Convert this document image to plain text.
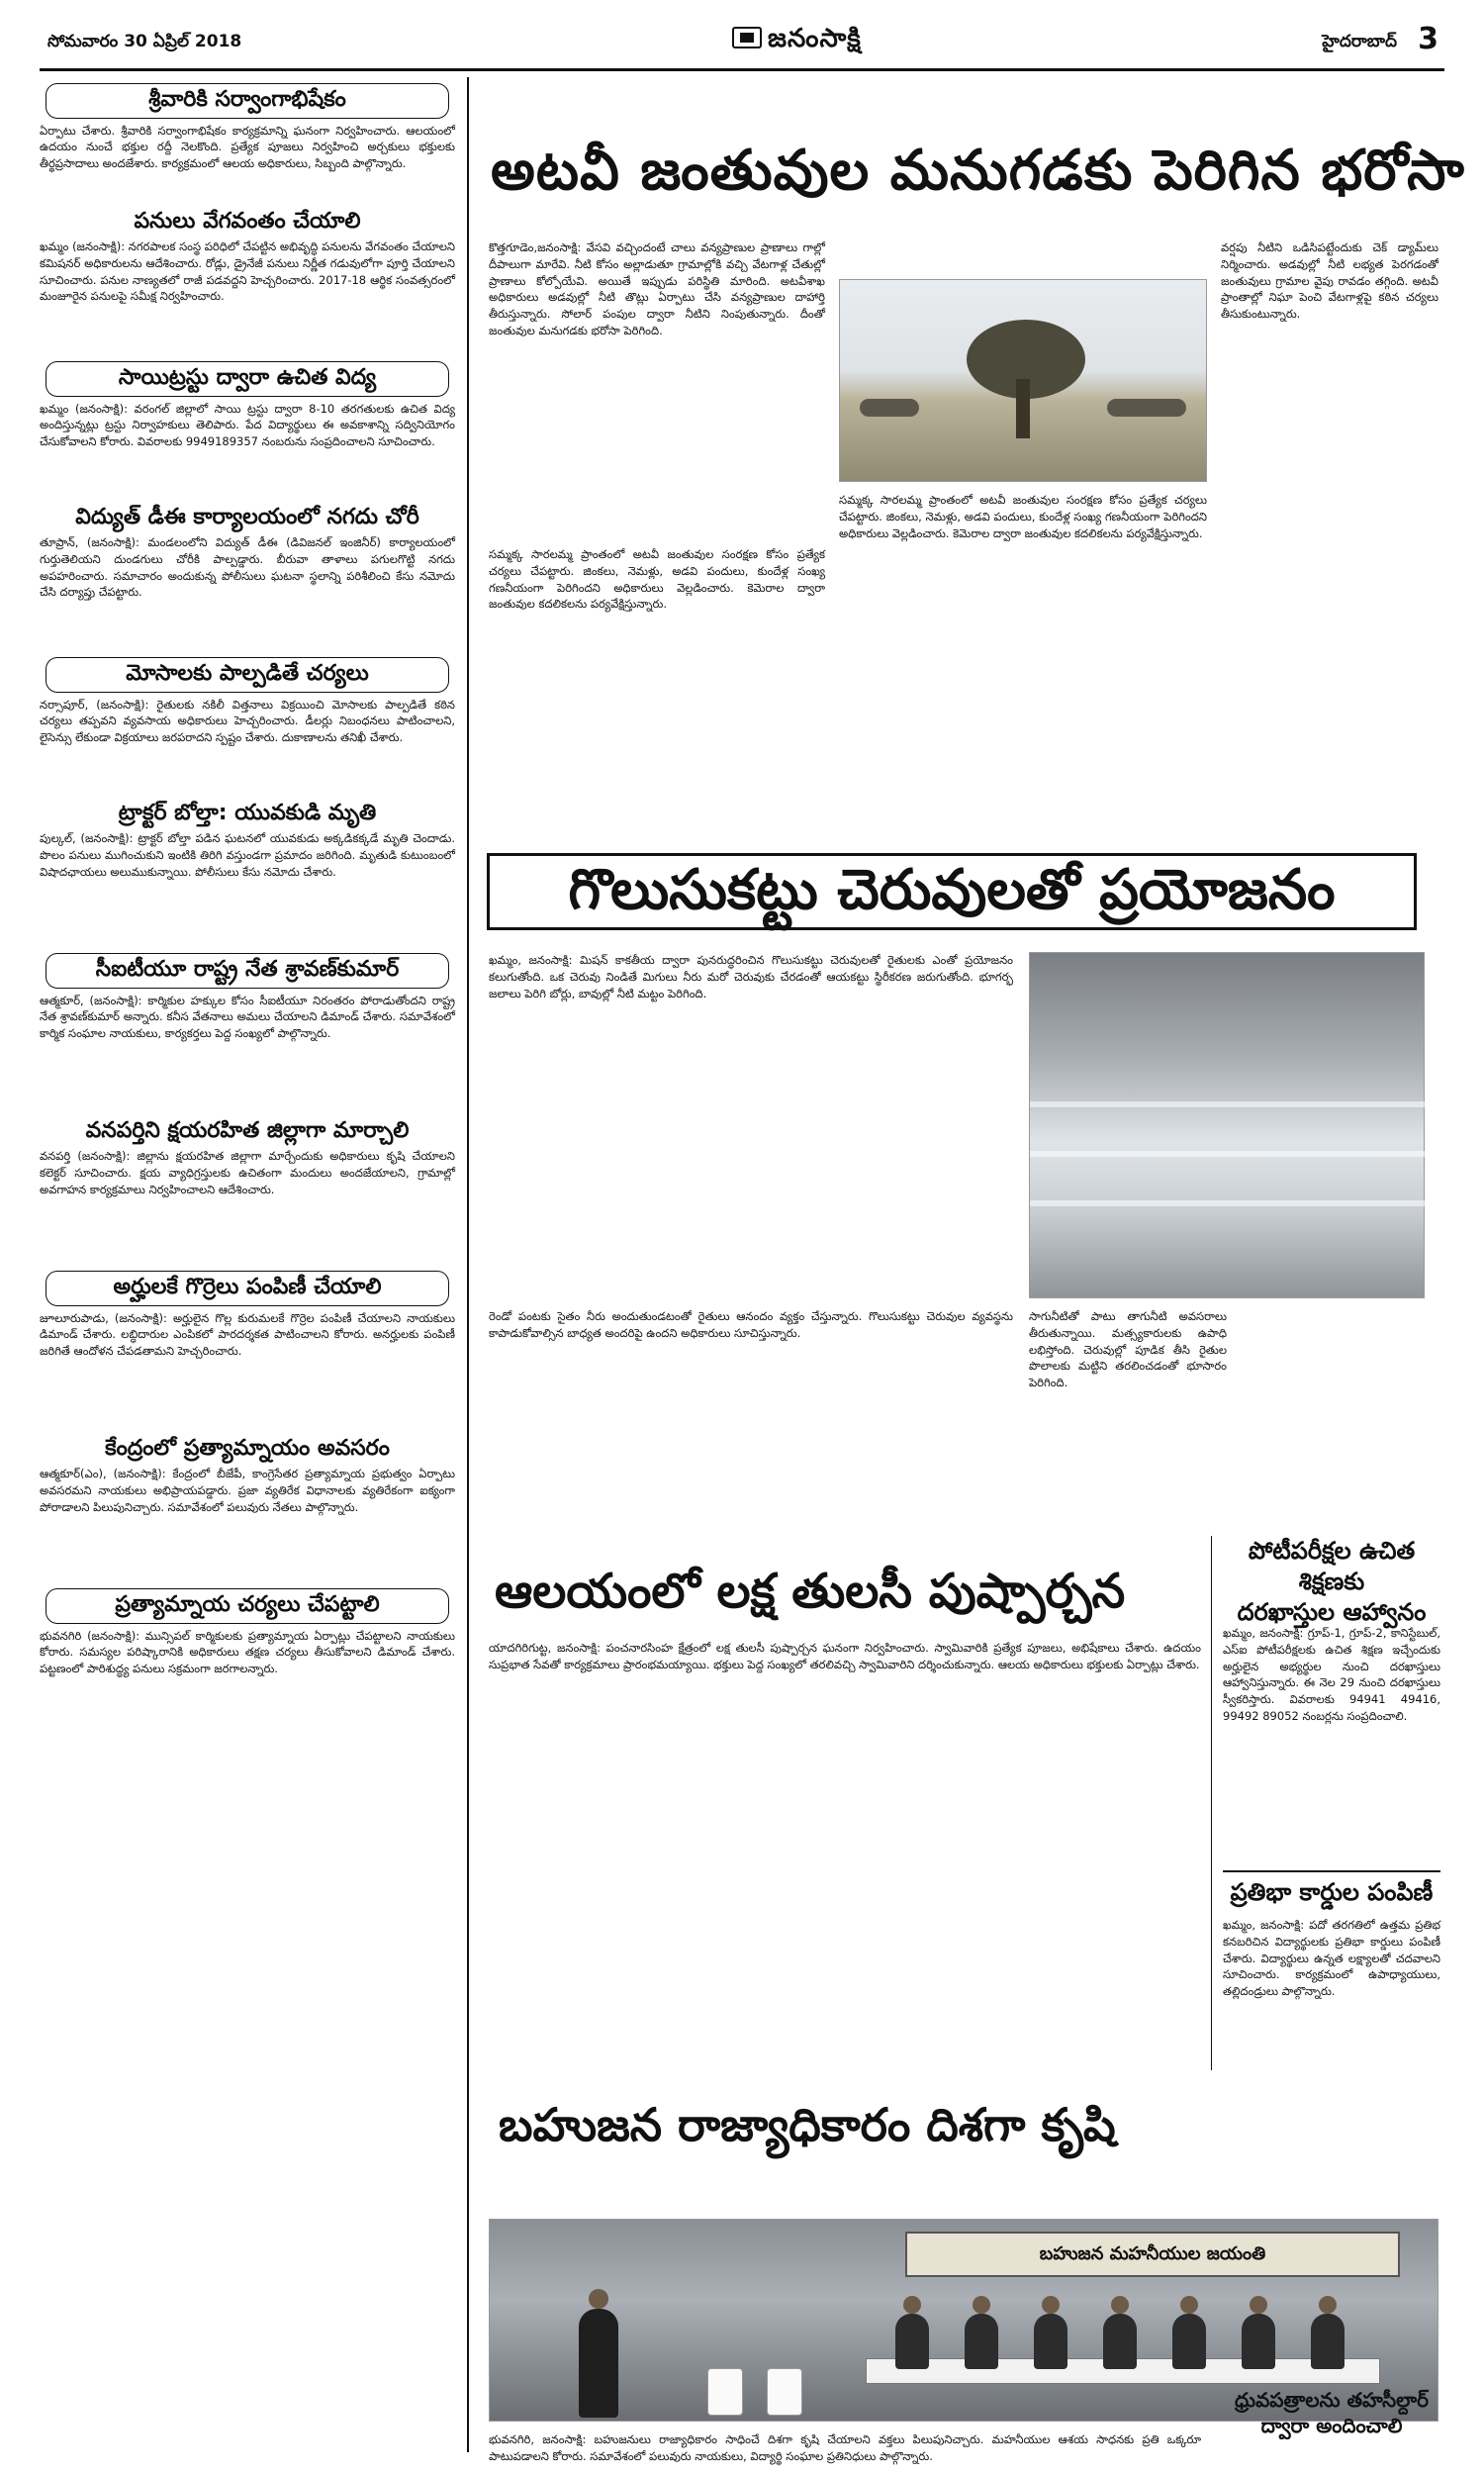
సోమవారం 30 ఏప్రిల్ 2018	జనంసాక్షి	హైదరాబాద్ 3
శ్రీవారికి సర్వాంగాభిషేకం
ఏర్పాటు చేశారు. శ్రీవారికి సర్వాంగాభిషేకం కార్యక్రమాన్ని ఘనంగా నిర్వహించారు. ఆలయంలో ఉదయం నుంచే భక్తుల రద్దీ నెలకొంది. ప్రత్యేక పూజలు నిర్వహించి అర్చకులు భక్తులకు తీర్థప్రసాదాలు అందజేశారు. కార్యక్రమంలో ఆలయ అధికారులు, సిబ్బంది పాల్గొన్నారు.
పనులు వేగవంతం చేయాలి
ఖమ్మం (జనంసాక్షి): నగరపాలక సంస్థ పరిధిలో చేపట్టిన అభివృద్ధి పనులను వేగవంతం చేయాలని కమిషనర్ అధికారులను ఆదేశించారు. రోడ్లు, డ్రైనేజీ పనులు నిర్ణీత గడువులోగా పూర్తి చేయాలని సూచించారు. పనుల నాణ్యతలో రాజీ పడవద్దని హెచ్చరించారు. 2017-18 ఆర్థిక సంవత్సరంలో మంజూరైన పనులపై సమీక్ష నిర్వహించారు.
సాయిట్రస్టు ద్వారా ఉచిత విద్య
ఖమ్మం (జనంసాక్షి): వరంగల్ జిల్లాలో సాయి ట్రస్టు ద్వారా 8-10 తరగతులకు ఉచిత విద్య అందిస్తున్నట్లు ట్రస్టు నిర్వాహకులు తెలిపారు. పేద విద్యార్థులు ఈ అవకాశాన్ని సద్వినియోగం చేసుకోవాలని కోరారు. వివరాలకు 9949189357 నంబరును సంప్రదించాలని సూచించారు.
విద్యుత్ డీఈ కార్యాలయంలో నగదు చోరీ
తూప్రాన్, (జనంసాక్షి): మండలంలోని విద్యుత్ డీఈ (డివిజనల్ ఇంజినీర్) కార్యాలయంలో గుర్తుతెలియని దుండగులు చోరీకి పాల్పడ్డారు. బీరువా తాళాలు పగులగొట్టి నగదు అపహరించారు. సమాచారం అందుకున్న పోలీసులు ఘటనా స్థలాన్ని పరిశీలించి కేసు నమోదు చేసి దర్యాప్తు చేపట్టారు.
మోసాలకు పాల్పడితే చర్యలు
నర్సాపూర్, (జనంసాక్షి): రైతులకు నకిలీ విత్తనాలు విక్రయించి మోసాలకు పాల్పడితే కఠిన చర్యలు తప్పవని వ్యవసాయ అధికారులు హెచ్చరించారు. డీలర్లు నిబంధనలు పాటించాలని, లైసెన్సు లేకుండా విక్రయాలు జరపరాదని స్పష్టం చేశారు. దుకాణాలను తనిఖీ చేశారు.
ట్రాక్టర్ బోల్తా: యువకుడి మృతి
పుల్కల్, (జనంసాక్షి): ట్రాక్టర్ బోల్తా పడిన ఘటనలో యువకుడు అక్కడికక్కడే మృతి చెందాడు. పొలం పనులు ముగించుకుని ఇంటికి తిరిగి వస్తుండగా ప్రమాదం జరిగింది. మృతుడి కుటుంబంలో విషాదఛాయలు అలుముకున్నాయి. పోలీసులు కేసు నమోదు చేశారు.
సీఐటీయూ రాష్ట్ర నేత శ్రావణ్‌కుమార్
ఆత్మకూర్, (జనంసాక్షి): కార్మికుల హక్కుల కోసం సీఐటీయూ నిరంతరం పోరాడుతోందని రాష్ట్ర నేత శ్రావణ్‌కుమార్ అన్నారు. కనీస వేతనాలు అమలు చేయాలని డిమాండ్ చేశారు. సమావేశంలో కార్మిక సంఘాల నాయకులు, కార్యకర్తలు పెద్ద సంఖ్యలో పాల్గొన్నారు.
వనపర్తిని క్షయరహిత జిల్లాగా మార్చాలి
వనపర్తి (జనంసాక్షి): జిల్లాను క్షయరహిత జిల్లాగా మార్చేందుకు అధికారులు కృషి చేయాలని కలెక్టర్ సూచించారు. క్షయ వ్యాధిగ్రస్తులకు ఉచితంగా మందులు అందజేయాలని, గ్రామాల్లో అవగాహన కార్యక్రమాలు నిర్వహించాలని ఆదేశించారు.
అర్హులకే గొర్రెలు పంపిణీ చేయాలి
జూలూరుపాడు, (జనంసాక్షి): అర్హులైన గొల్ల కురుమలకే గొర్రెల పంపిణీ చేయాలని నాయకులు డిమాండ్ చేశారు. లబ్ధిదారుల ఎంపికలో పారదర్శకత పాటించాలని కోరారు. అనర్హులకు పంపిణీ జరిగితే ఆందోళన చేపడతామని హెచ్చరించారు.
కేంద్రంలో ప్రత్యామ్నాయం అవసరం
ఆత్మకూర్(ఎం), (జనంసాక్షి): కేంద్రంలో బీజేపీ, కాంగ్రెసేతర ప్రత్యామ్నాయ ప్రభుత్వం ఏర్పాటు అవసరమని నాయకులు అభిప్రాయపడ్డారు. ప్రజా వ్యతిరేక విధానాలకు వ్యతిరేకంగా ఐక్యంగా పోరాడాలని పిలుపునిచ్చారు. సమావేశంలో పలువురు నేతలు పాల్గొన్నారు.
ప్రత్యామ్నాయ చర్యలు చేపట్టాలి
భువనగిరి (జనంసాక్షి): మున్సిపల్ కార్మికులకు ప్రత్యామ్నాయ ఏర్పాట్లు చేపట్టాలని నాయకులు కోరారు. సమస్యల పరిష్కారానికి అధికారులు తక్షణ చర్యలు తీసుకోవాలని డిమాండ్ చేశారు. పట్టణంలో పారిశుద్ధ్య పనులు సక్రమంగా జరగాలన్నారు.
అటవీ జంతువుల మనుగడకు పెరిగిన భరోసా
కొత్తగూడెం,జనంసాక్షి: వేసవి వచ్చిందంటే చాలు వన్యప్రాణుల ప్రాణాలు గాల్లో దీపాలుగా మారేవి. నీటి కోసం అల్లాడుతూ గ్రామాల్లోకి వచ్చి వేటగాళ్ల చేతుల్లో ప్రాణాలు కోల్పోయేవి. అయితే ఇప్పుడు పరిస్థితి మారింది. అటవీశాఖ అధికారులు అడవుల్లో నీటి తొట్లు ఏర్పాటు చేసి వన్యప్రాణుల దాహార్తి తీరుస్తున్నారు. సోలార్ పంపుల ద్వారా నీటిని నింపుతున్నారు. దీంతో జంతువుల మనుగడకు భరోసా పెరిగింది.
వర్షపు నీటిని ఒడిసిపట్టేందుకు చెక్ డ్యామ్‌లు నిర్మించారు. అడవుల్లో నీటి లభ్యత పెరగడంతో జంతువులు గ్రామాల వైపు రావడం తగ్గింది. అటవీ ప్రాంతాల్లో నిఘా పెంచి వేటగాళ్లపై కఠిన చర్యలు తీసుకుంటున్నారు.
సమ్మక్క సారలమ్మ ప్రాంతంలో అటవీ జంతువుల సంరక్షణ కోసం ప్రత్యేక చర్యలు చేపట్టారు. జింకలు, నెమళ్లు, అడవి పందులు, కుందేళ్ల సంఖ్య గణనీయంగా పెరిగిందని అధికారులు వెల్లడించారు. కెమెరాల ద్వారా జంతువుల కదలికలను పర్యవేక్షిస్తున్నారు.
సమ్మక్క సారలమ్మ ప్రాంతంలో అటవీ జంతువుల సంరక్షణ కోసం ప్రత్యేక చర్యలు చేపట్టారు. జింకలు, నెమళ్లు, అడవి పందులు, కుందేళ్ల సంఖ్య గణనీయంగా పెరిగిందని అధికారులు వెల్లడించారు. కెమెరాల ద్వారా జంతువుల కదలికలను పర్యవేక్షిస్తున్నారు.
గొలుసుకట్టు చెరువులతో ప్రయోజనం
ఖమ్మం, జనంసాక్షి: మిషన్ కాకతీయ ద్వారా పునరుద్ధరించిన గొలుసుకట్టు చెరువులతో రైతులకు ఎంతో ప్రయోజనం కలుగుతోంది. ఒక చెరువు నిండితే మిగులు నీరు మరో చెరువుకు చేరడంతో ఆయకట్టు స్థిరీకరణ జరుగుతోంది. భూగర్భ జలాలు పెరిగి బోర్లు, బావుల్లో నీటి మట్టం పెరిగింది.
రెండో పంటకు సైతం నీరు అందుతుండటంతో రైతులు ఆనందం వ్యక్తం చేస్తున్నారు. గొలుసుకట్టు చెరువుల వ్యవస్థను కాపాడుకోవాల్సిన బాధ్యత అందరిపై ఉందని అధికారులు సూచిస్తున్నారు.
సాగునీటితో పాటు తాగునీటి అవసరాలు తీరుతున్నాయి. మత్స్యకారులకు ఉపాధి లభిస్తోంది. చెరువుల్లో పూడిక తీసి రైతుల పొలాలకు మట్టిని తరలించడంతో భూసారం పెరిగింది.
ఆలయంలో లక్ష తులసీ పుష్పార్చన
యాదగిరిగుట్ట, జనంసాక్షి: పంచనారసింహ క్షేత్రంలో లక్ష తులసీ పుష్పార్చన ఘనంగా నిర్వహించారు. స్వామివారికి ప్రత్యేక పూజలు, అభిషేకాలు చేశారు. ఉదయం సుప్రభాత సేవతో కార్యక్రమాలు ప్రారంభమయ్యాయి. భక్తులు పెద్ద సంఖ్యలో తరలివచ్చి స్వామివారిని దర్శించుకున్నారు. ఆలయ అధికారులు భక్తులకు ఏర్పాట్లు చేశారు.
పోటీపరీక్షల ఉచిత శిక్షణకు
దరఖాస్తుల ఆహ్వానం
ఖమ్మం, జనంసాక్షి: గ్రూప్-1, గ్రూప్-2, కానిస్టేబుల్, ఎస్ఐ పోటీపరీక్షలకు ఉచిత శిక్షణ ఇచ్చేందుకు అర్హులైన అభ్యర్థుల నుంచి దరఖాస్తులు ఆహ్వానిస్తున్నారు. ఈ నెల 29 నుంచి దరఖాస్తులు స్వీకరిస్తారు. వివరాలకు 94941 49416, 99492 89052 నంబర్లను సంప్రదించాలి.
ప్రతిభా కార్డుల పంపిణీ
ఖమ్మం, జనంసాక్షి: పదో తరగతిలో ఉత్తమ ప్రతిభ కనబరిచిన విద్యార్థులకు ప్రతిభా కార్డులు పంపిణీ చేశారు. విద్యార్థులు ఉన్నత లక్ష్యాలతో చదవాలని సూచించారు. కార్యక్రమంలో ఉపాధ్యాయులు, తల్లిదండ్రులు పాల్గొన్నారు.
బహుజన రాజ్యాధికారం దిశగా కృషి
బహుజన మహనీయుల జయంతి
భువనగిరి, జనంసాక్షి: బహుజనులు రాజ్యాధికారం సాధించే దిశగా కృషి చేయాలని వక్తలు పిలుపునిచ్చారు. మహనీయుల ఆశయ సాధనకు ప్రతి ఒక్కరూ పాటుపడాలని కోరారు. సమావేశంలో పలువురు నాయకులు, విద్యార్థి సంఘాల ప్రతినిధులు పాల్గొన్నారు.
ధ్రువపత్రాలను తహసీల్దార్
ద్వారా అందించాలి
